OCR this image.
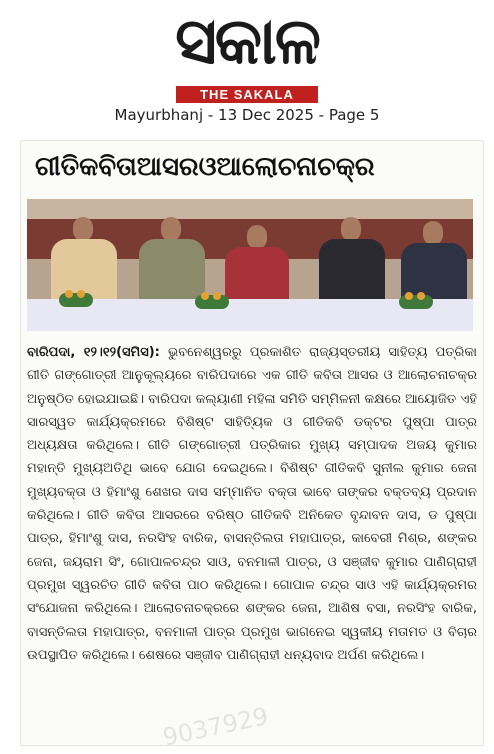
ସକାଳ
THE SAKALA
Mayurbhanj - 13 Dec 2025 - Page 5
ଗୀତିକବିତାଆସରଓଆଲୋଚନାଚକ୍ର

ବାରିପଦା, ୧୨।୧୨(ସମିସ): ଭୁବନେଶ୍ୱରରୁ ପ୍ରକାଶିତ ରାଜ୍ୟସ୍ତରୀୟ ସାହିତ୍ୟ ପତ୍ରିକା ଗୀତି ଗଙ୍ଗୋତ୍ରୀ ଆନୁକୂଲ୍ୟରେ ବାରିପଦାରେ ଏକ ଗୀତି କବିତା ଆସର ଓ ଆଲୋଚନାଚକ୍ର ଅନୁଷ୍ଠିତ ହୋଇଯାଇଛି। ବାରିପଦା କଲ୍ୟାଣୀ ମହିଳା ସମିତି ସମ୍ମିଳନୀ କକ୍ଷରେ ଆୟୋଜିତ ଏହି ସାରସ୍ୱତ କାର୍ଯ୍ୟକ୍ରମରେ ବିଶିଷ୍ଟ ସାହିତ୍ୟିକ ଓ ଗୀତିକବି ଡକ୍ଟର ପୁଷ୍ପା ପାତ୍ର ଅଧ୍ୟକ୍ଷତା କରିଥିଲେ। ଗୀତି ଗଙ୍ଗୋତ୍ରୀ ପତ୍ରିକାର ମୁଖ୍ୟ ସମ୍ପାଦକ ଅଜୟ କୁମାର ମହାନ୍ତି ମୁଖ୍ୟଅତିଥି ଭାବେ ଯୋଗ ଦେଇଥିଲେ। ବିଶିଷ୍ଟ ଗୀତିକବି ସୁନୀଲ କୁମାର ଜେନା ମୁଖ୍ୟବକ୍ତା ଓ ହିମାଂଶୁ ଶେଖର ଦାସ ସମ୍ମାନିତ ବକ୍ତା ଭାବେ ତାଙ୍କର ବକ୍ତବ୍ୟ ପ୍ରଦାନ କରିଥିଲେ। ଗୀତି କବିତା ଆସରରେ ବରିଷ୍ଠ ଗୀତିକବି ଅନିକେତ ବୃନ୍ଦାବନ ଦାସ, ଡ ପୁଷ୍ପା ପାତ୍ର, ହିମାଂଶୁ ଦାସ, ନରସିଂହ ବାରିକ, ବାସନ୍ତିଲତା ମହାପାତ୍ର, କାବେରୀ ମିଶ୍ର, ଶଙ୍କର ଜେନା, ଜୟରାମ ସିଂ, ଗୋପାଳଚନ୍ଦ୍ର ସାଓ, ବନମାଳୀ ପାତ୍ର, ଓ ସଞ୍ଜୀବ କୁମାର ପାଣିଗ୍ରାହୀ ପ୍ରମୁଖ ସ୍ୱରଚିତ ଗୀତି କବିତା ପାଠ କରିଥିଲେ। ଗୋପାଳ ଚନ୍ଦ୍ର ସାଓ ଏହି କାର୍ଯ୍ୟକ୍ରମର ସଂଯୋଜନା କରିଥିଲେ। ଆଲୋଚନାଚକ୍ରରେ ଶଙ୍କର ଜେନା, ଆଶିଷ ବସା, ନରସିଂହ ବାରିକ, ବାସନ୍ତିଲତା ମହାପାତ୍ର, ବନମାଳୀ ପାତ୍ର ପ୍ରମୁଖ ଭାଗନେଇ ସ୍ୱକୀୟ ମତାମତ ଓ ବିଚାର ଉପସ୍ଥାପିତ କରିଥିଲେ। ଶେଷରେ ସଞ୍ଜୀବ ପାଣିଗ୍ରାହୀ ଧନ୍ୟବାଦ ଅର୍ପଣ କରିଥିଲେ।

9037929
